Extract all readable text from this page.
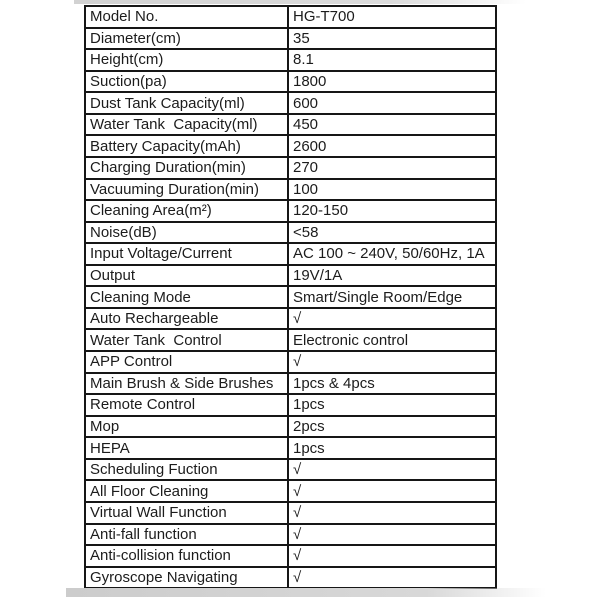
Model No.	HG-T700
Diameter(cm)	35
Height(cm)	8.1
Suction(pa)	1800
Dust Tank Capacity(ml)	600
Water Tank  Capacity(ml)	450
Battery Capacity(mAh)	2600
Charging Duration(min)	270
Vacuuming Duration(min)	100
Cleaning Area(m²)	120-150
Noise(dB)	<58
Input Voltage/Current	AC 100 ~ 240V, 50/60Hz, 1A
Output	19V/1A
Cleaning Mode	Smart/Single Room/Edge
Auto Rechargeable	√
Water Tank  Control	Electronic control
APP Control	√
Main Brush & Side Brushes	1pcs & 4pcs
Remote Control	1pcs
Mop	2pcs
HEPA	1pcs
Scheduling Fuction	√
All Floor Cleaning	√
Virtual Wall Function	√
Anti-fall function	√
Anti-collision function	√
Gyroscope Navigating	√
